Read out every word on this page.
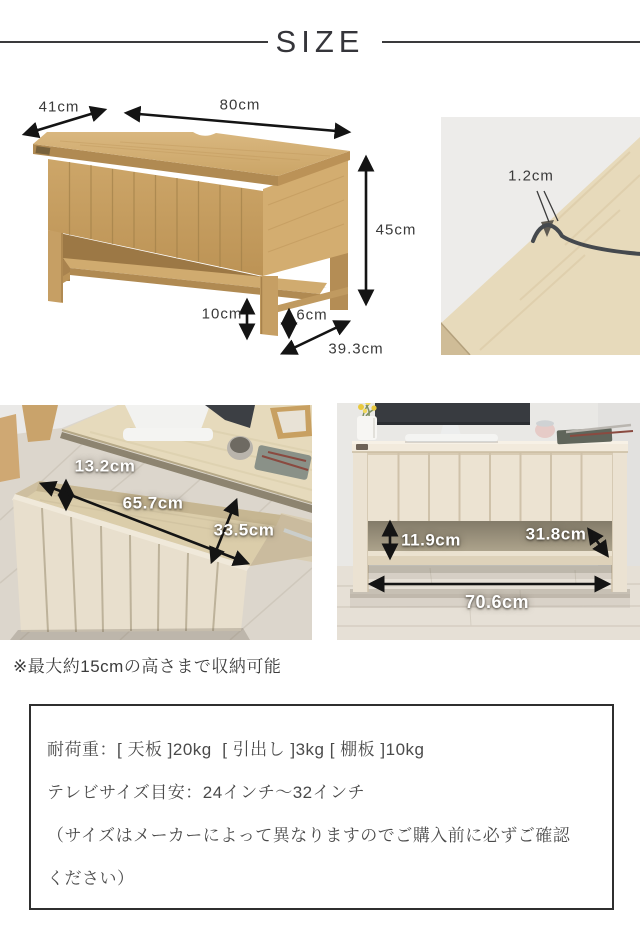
SIZE
41cm	80cm
45cm
10cm	6cm
39.3cm
1.2cm
13.2cm
65.7cm
33.5cm
11.9cm	31.8cm
70.6cm
※最大約15cmの高さまで収納可能
耐荷重：[ 天板 ]20kg  [ 引出し ]3kg [ 棚板 ]10kg
テレビサイズ目安：24インチ〜32インチ
（サイズはメーカーによって異なりますのでご購入前に必ずご確認
ください）
